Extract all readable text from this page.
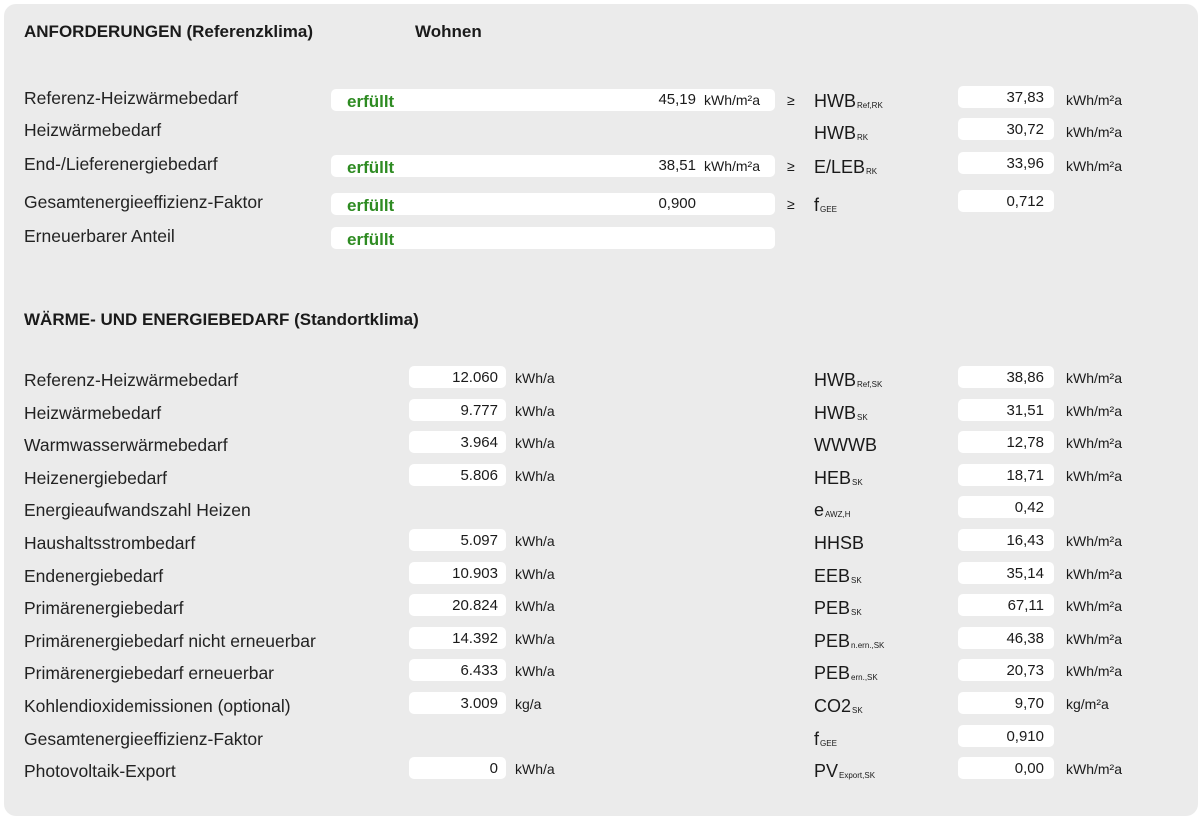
ANFORDERUNGEN (Referenzklima)	Wohnen
Referenz-Heizwärmebedarf	erfüllt	45,19 kWh/m²a ≥ HWBRef,RK	37,83 kWh/m²a
Heizwärmebedarf	HWBRK	30,72 kWh/m²a
End-/Lieferenergiebedarf	erfüllt	38,51 kWh/m²a ≥ E/LEBRK	33,96 kWh/m²a
Gesamtenergieeffizienz-Faktor	erfüllt	0,900	≥ fGEE	0,712
Erneuerbarer Anteil	erfüllt
WÄRME- UND ENERGIEBEDARF (Standortklima)
Referenz-Heizwärmebedarf	12.060 kWh/a	HWBRef,SK	38,86 kWh/m²a
Heizwärmebedarf	9.777 kWh/a	HWBSK	31,51 kWh/m²a
Warmwasserwärmebedarf	3.964 kWh/a	WWWB	12,78 kWh/m²a
Heizenergiebedarf	5.806 kWh/a	HEBSK	18,71 kWh/m²a
Energieaufwandszahl Heizen	eAWZ,H	0,42
Haushaltsstrombedarf	5.097 kWh/a	HHSB	16,43 kWh/m²a
Endenergiebedarf	10.903 kWh/a	EEBSK	35,14 kWh/m²a
Primärenergiebedarf	20.824 kWh/a	PEBSK	67,11 kWh/m²a
Primärenergiebedarf nicht erneuerbar	14.392 kWh/a	PEBn.ern.,SK	46,38 kWh/m²a
Primärenergiebedarf erneuerbar	6.433 kWh/a	PEBern.,SK	20,73 kWh/m²a
Kohlendioxidemissionen (optional)	3.009 kg/a	CO2SK	9,70 kg/m²a
Gesamtenergieeffizienz-Faktor	fGEE	0,910
Photovoltaik-Export	0 kWh/a	PVExport,SK	0,00 kWh/m²a
